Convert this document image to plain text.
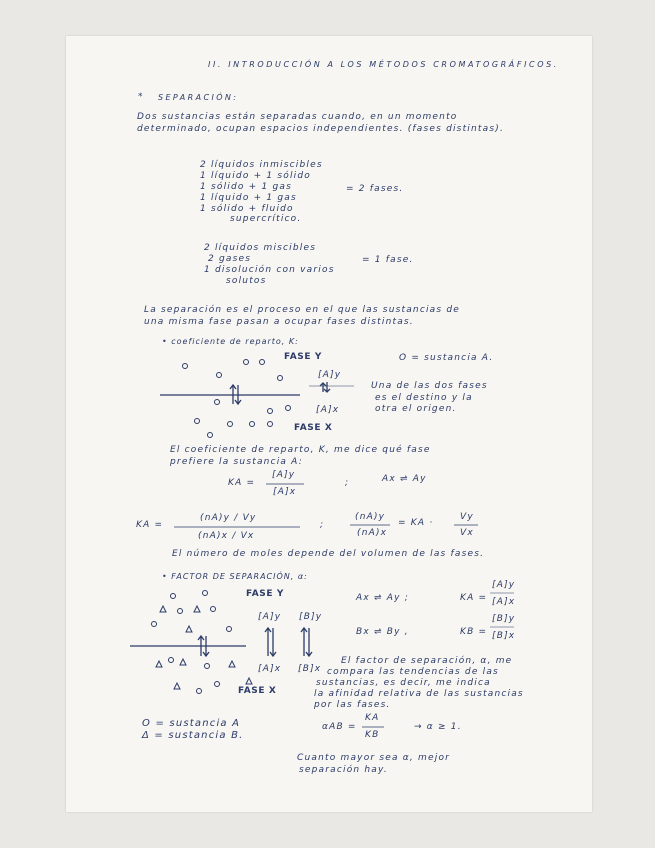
II. INTRODUCCIÓN A LOS MÉTODOS CROMATOGRÁFICOS.
* SEPARACIÓN:
Dos sustancias están separadas cuando, en un momento
determinado, ocupan espacios independientes. (fases distintas).
2 líquidos inmiscibles
1 líquido + 1 sólido
1 sólido + 1 gas
1 líquido + 1 gas
1 sólido + fluido
supercrítico.
= 2 fases.
2 líquidos miscibles
2 gases
1 disolución con varios
solutos
= 1 fase.
La separación es el proceso en el que las sustancias de
una misma fase pasan a ocupar fases distintas.
• coeficiente de reparto, K:
FASE Y
FASE X
O = sustancia A.
[A]y
[A]x
Una de las dos fases
es el destino y la
otra el origen.
El coeficiente de reparto, K, me dice qué fase
prefiere la sustancia A:
KA =
[A]y
[A]x
;	Ax ⇌ Ay
KA =
(nA)y / Vy
(nA)x / Vx
;
(nA)y
(nA)x
= KA ·
Vy
Vx
El número de moles depende del volumen de las fases.
• FACTOR DE SEPARACIÓN, α:
FASE Y
FASE X
[A]y [B]y
[A]x [B]x
Ax ⇌ Ay ;	KA =
[A]y
[A]x
Bx ⇌ By ,	KB =
[B]y
[B]x
El factor de separación, α, me
compara las tendencias de las
sustancias, es decir, me indica
la afinidad relativa de las sustancias
por las fases.
αAB =
KA
KB
→ α ≥ 1.
O = sustancia A
Δ = sustancia B.
Cuanto mayor sea α, mejor
separación hay.
